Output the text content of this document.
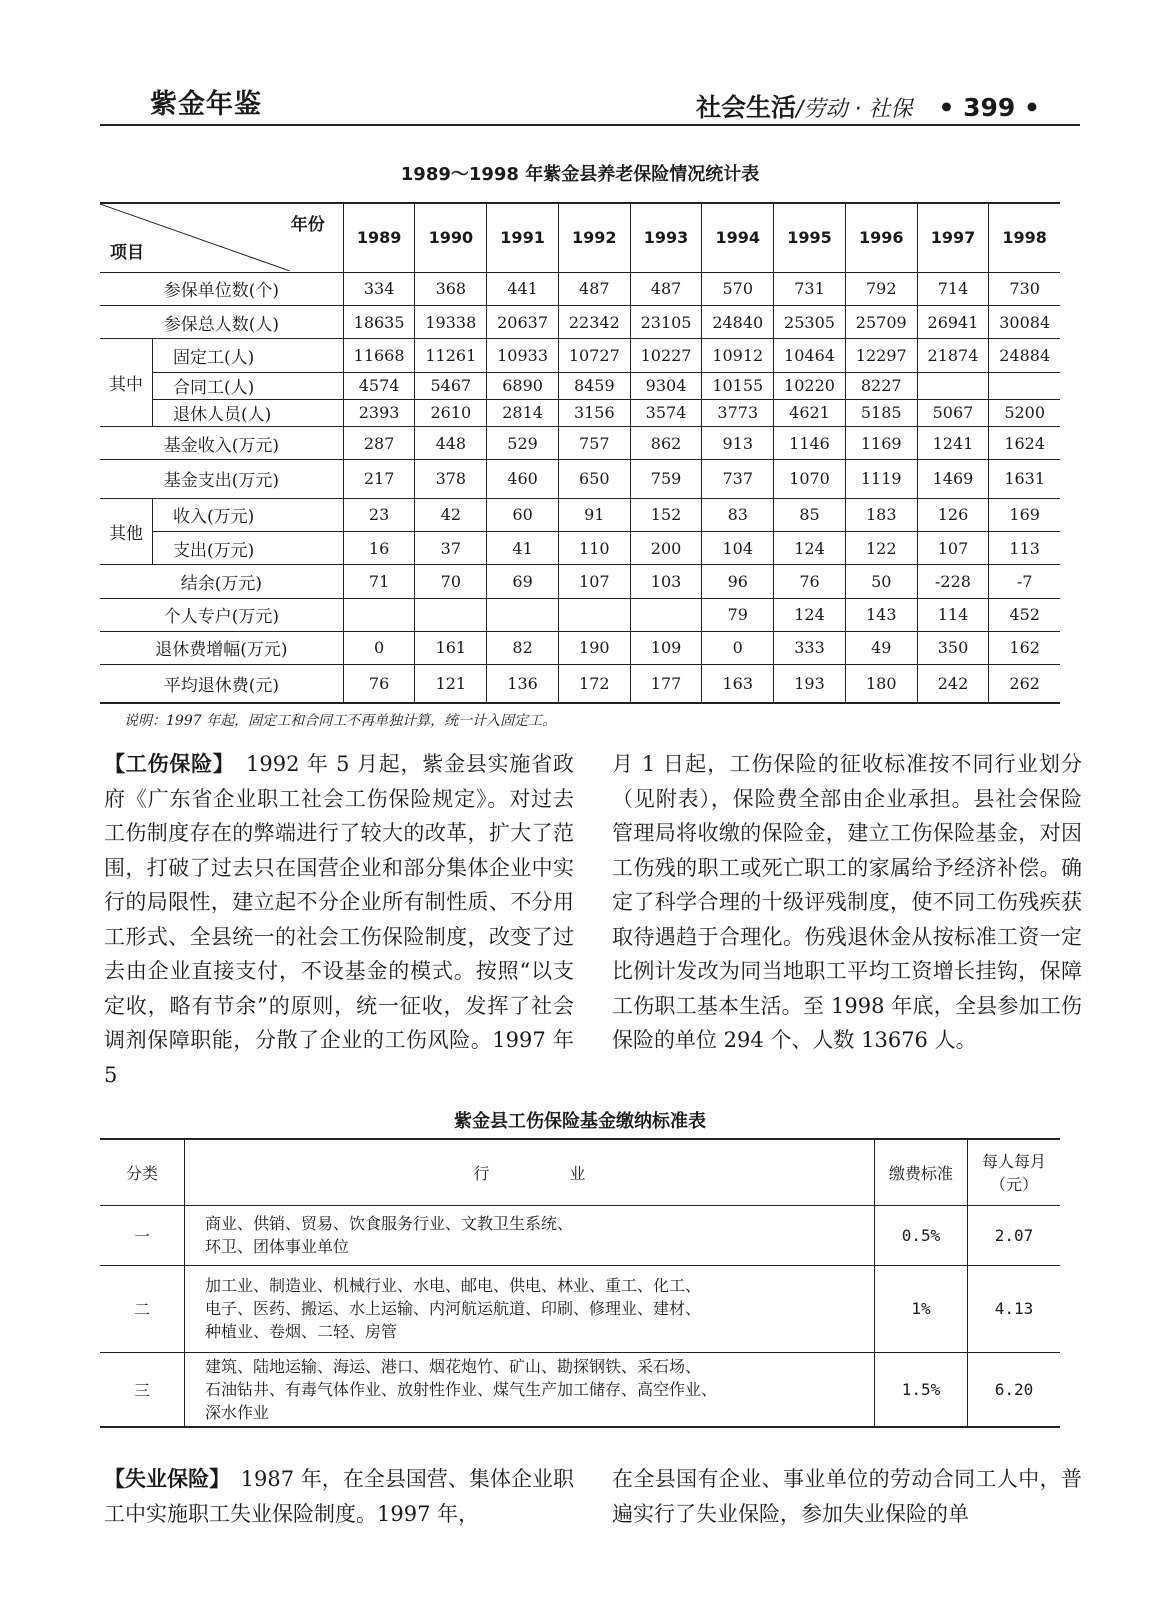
紫金年鉴	社会生活/劳动 · 社保 • 399 •
1989～1998 年紫金县养老保险情况统计表
年份
项目		1989	1990	1991	1992	1993	1994	1995	1996	1997	1998
参保单位数(个)		334	368	441	487	487	570	731	792	714	730
参保总人数(人)		18635	19338	20637	22342	23105	24840	25305	25709	26941	30084
其中	固定工(人)	11668	11261	10933	10727	10227	10912	10464	12297	21874	24884
	合同工(人)	4574	5467	6890	8459	9304	10155	10220	8227		
	退休人员(人)	2393	2610	2814	3156	3574	3773	4621	5185	5067	5200
基金收入(万元)		287	448	529	757	862	913	1146	1169	1241	1624
基金支出(万元)		217	378	460	650	759	737	1070	1119	1469	1631
其他	收入(万元)	23	42	60	91	152	83	85	183	126	169
	支出(万元)	16	37	41	110	200	104	124	122	107	113
结余(万元)		71	70	69	107	103	96	76	50	-228	-7
个人专户(万元)							79	124	143	114	452
退休费增幅(万元)		0	161	82	190	109	0	333	49	350	162
平均退休费(元)		76	121	136	172	177	163	193	180	242	262
说明：1997 年起，固定工和合同工不再单独计算，统一计入固定工。

【工伤保险】　1992 年 5 月起，紫金县实施省政府《广东省企业职工社会工伤保险规定》。对过去工伤制度存在的弊端进行了较大的改革，扩大了范围，打破了过去只在国营企业和部分集体企业中实行的局限性，建立起不分企业所有制性质、不分用工形式、全县统一的社会工伤保险制度，改变了过去由企业直接支付，不设基金的模式。按照“以支定收，略有节余”的原则，统一征收，发挥了社会调剂保障职能，分散了企业的工伤风险。1997 年 5

月 1 日起，工伤保险的征收标准按不同行业划分（见附表），保险费全部由企业承担。县社会保险管理局将收缴的保险金，建立工伤保险基金，对因工伤残的职工或死亡职工的家属给予经济补偿。确定了科学合理的十级评残制度，使不同工伤残疾获取待遇趋于合理化。伤残退休金从按标准工资一定比例计发改为同当地职工平均工资增长挂钩，保障工伤职工基本生活。至 1998 年底，全县参加工伤保险的单位 294 个、人数 13676 人。

紫金县工伤保险基金缴纳标准表
分类	行　　　　　业	缴费标准	每人每月（元）
一	商业、供销、贸易、饮食服务行业、文教卫生系统、
环卫、团体事业单位	0.5%	2.07
二	加工业、制造业、机械行业、水电、邮电、供电、林业、重工、化工、
电子、医药、搬运、水上运输、内河航运航道、印刷、修理业、建材、
种植业、卷烟、二轻、房管	1%	4.13
三	建筑、陆地运输、海运、港口、烟花炮竹、矿山、勘探钢铁、采石场、
石油钻井、有毒气体作业、放射性作业、煤气生产加工储存、高空作业、
深水作业	1.5%	6.20

【失业保险】　1987 年，在全县国营、集体企业职工中实施职工失业保险制度。1997 年，

在全县国有企业、事业单位的劳动合同工人中，普遍实行了失业保险，参加失业保险的单
